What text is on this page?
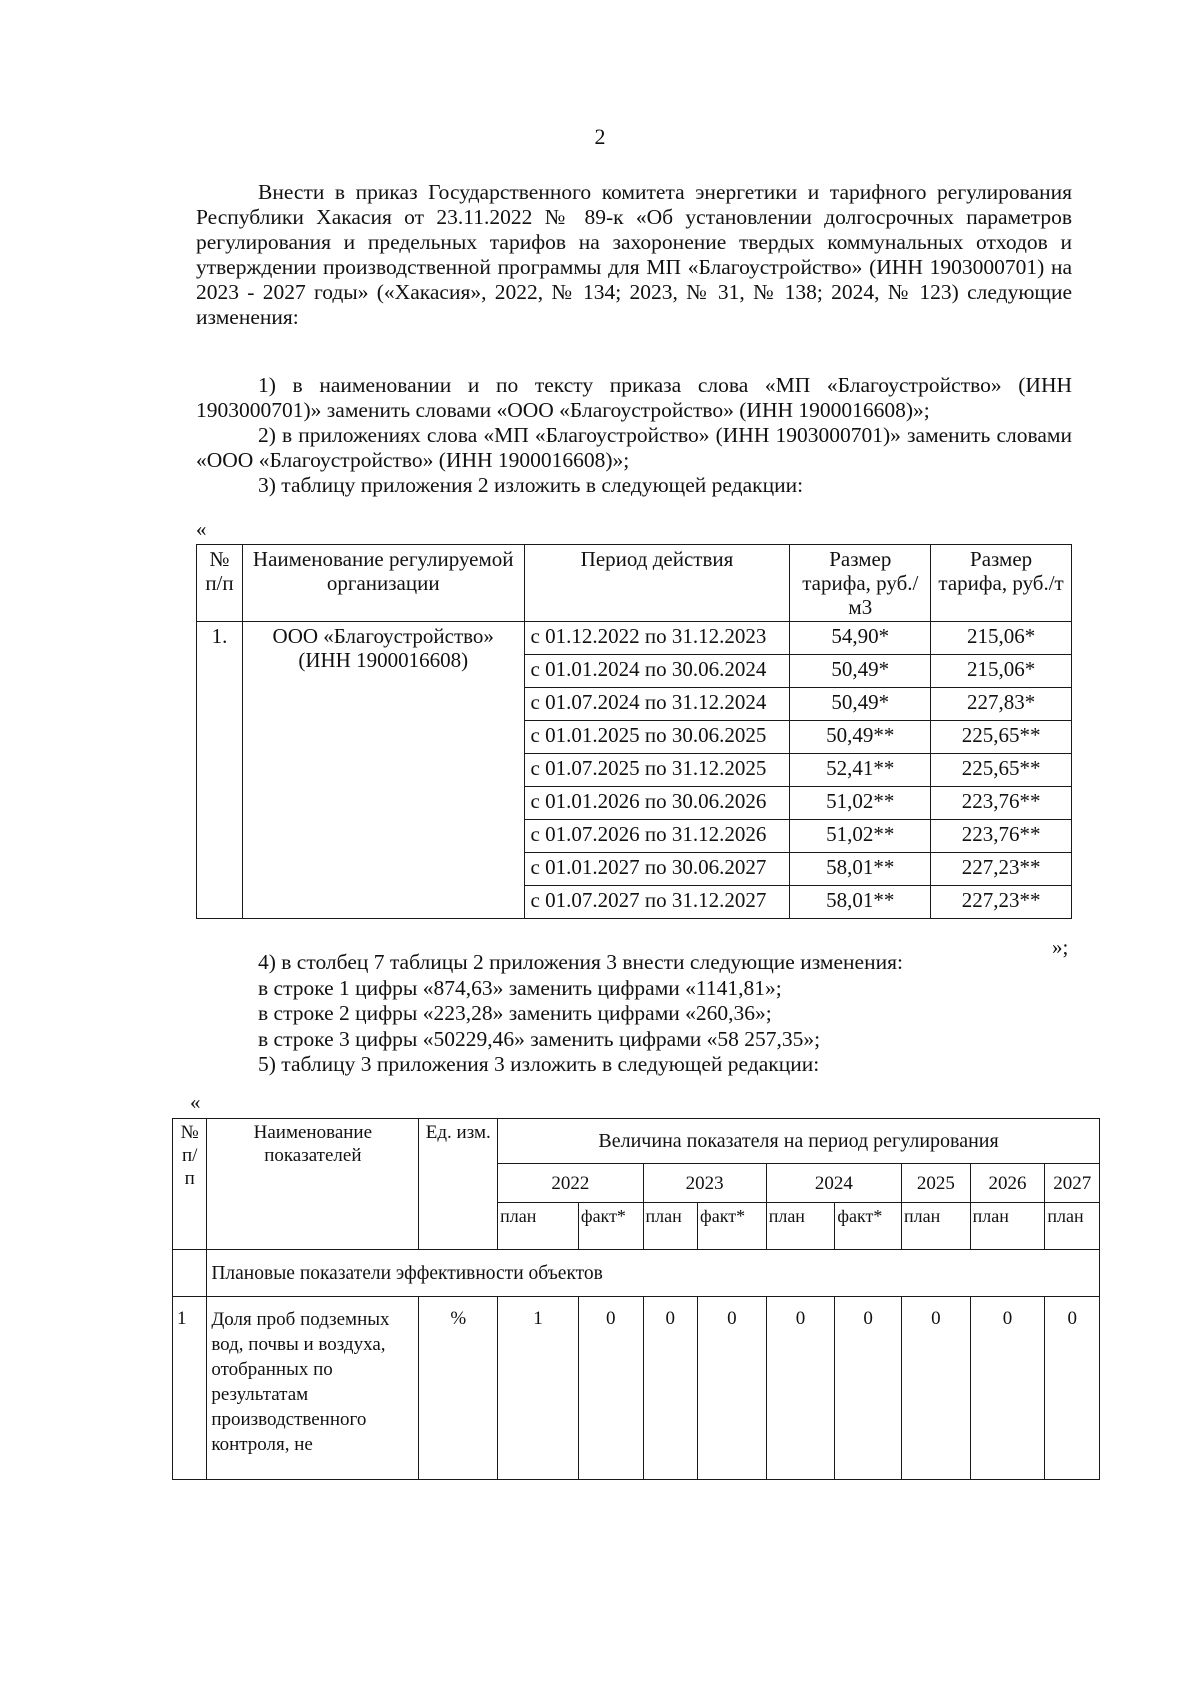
2

Внести в приказ Государственного комитета энергетики и тарифного регулирования Республики Хакасия от 23.11.2022 № 89-к «Об установлении долгосрочных параметров регулирования и предельных тарифов на захоронение твердых коммунальных отходов и утверждении производственной программы для МП «Благоустройство» (ИНН 1903000701) на 2023 - 2027 годы» («Хакасия», 2022, № 134; 2023, № 31, № 138; 2024, № 123) следующие изменения:

1) в наименовании и по тексту приказа слова «МП «Благоустройство» (ИНН 1903000701)» заменить словами «ООО «Благоустройство» (ИНН 1900016608)»;

2) в приложениях слова «МП «Благоустройство» (ИНН 1903000701)» заменить словами «ООО «Благоустройство» (ИНН 1900016608)»;

3) таблицу приложения 2 изложить в следующей редакции:

«
№ п/п	Наименование регулируемой организации	Период действия	Размер тарифа, руб./м3	Размер тарифа, руб./т
1.	ООО «Благоустройство» (ИНН 1900016608)	с 01.12.2022 по 31.12.2023	54,90*	215,06*
		с 01.01.2024 по 30.06.2024	50,49*	215,06*
		с 01.07.2024 по 31.12.2024	50,49*	227,83*
		с 01.01.2025 по 30.06.2025	50,49**	225,65**
		с 01.07.2025 по 31.12.2025	52,41**	225,65**
		с 01.01.2026 по 30.06.2026	51,02**	223,76**
		с 01.07.2026 по 31.12.2026	51,02**	223,76**
		с 01.01.2027 по 30.06.2027	58,01**	227,23**
		с 01.07.2027 по 31.12.2027	58,01**	227,23**
»;

4) в столбец 7 таблицы 2 приложения 3 внести следующие изменения:

в строке 1 цифры «874,63» заменить цифрами «1141,81»;

в строке 2 цифры «223,28» заменить цифрами «260,36»;

в строке 3 цифры «50229,46» заменить цифрами «58 257,35»;

5) таблицу 3 приложения 3 изложить в следующей редакции:

«
№ п/ п	Наименование показателей	Ед. изм.	Величина показателя на период регулирования								
			2022		2023		2024		2025	2026	2027
			план	факт*	план	факт*	план	факт*	план	план	план
	Плановые показатели эффективности объектов										
1	Доля проб подземных вод, почвы и воздуха, отобранных по результатам производственного контроля, не	%	1	0	0	0	0	0	0	0	0
